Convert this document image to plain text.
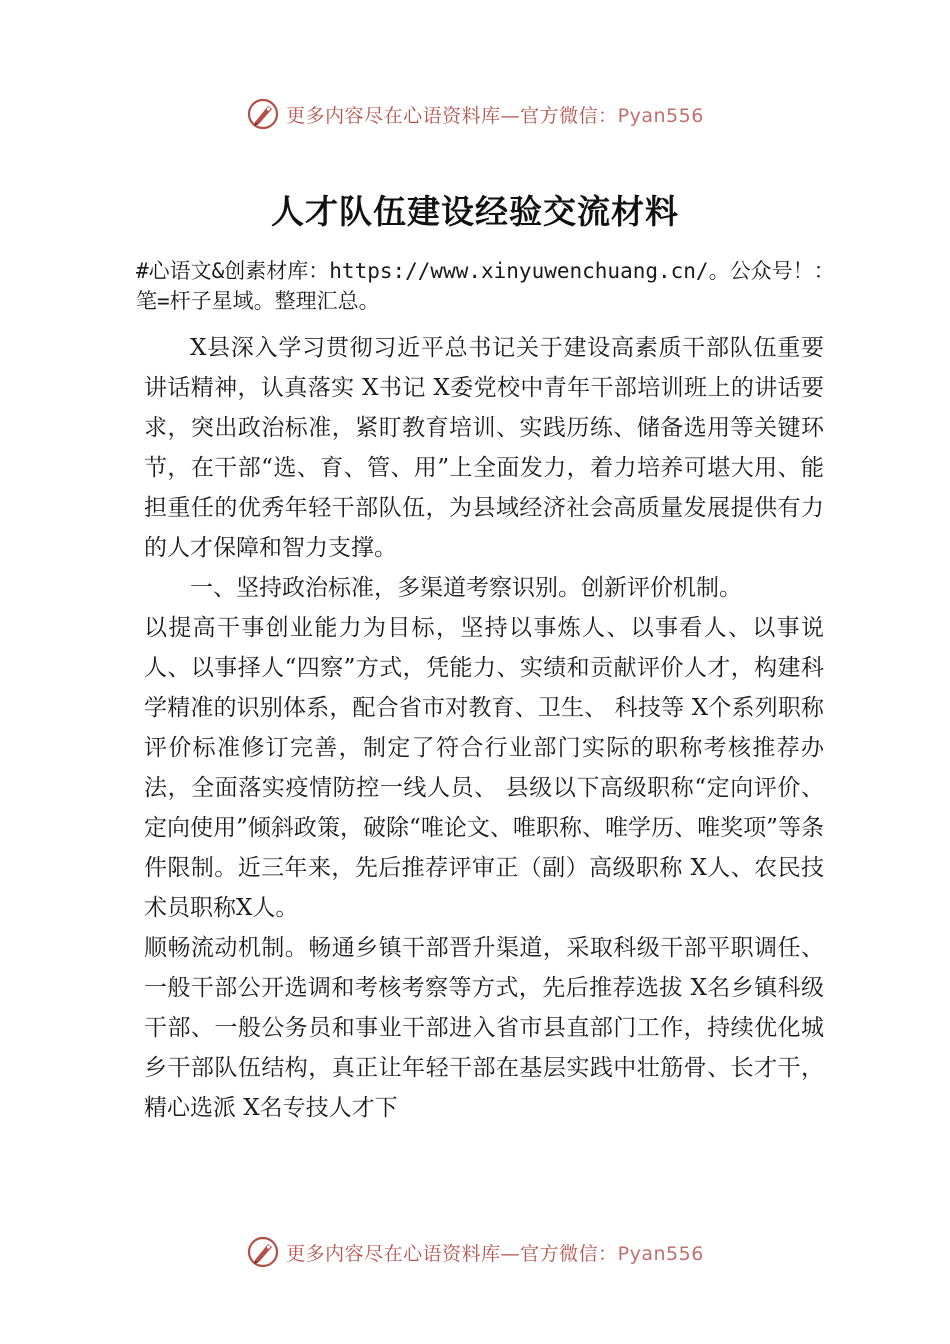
更多内容尽在心语资料库—官方微信：Pyan556
人才队伍建设经验交流材料
#心语文&创素材库：https://www.xinyuwenchuang.cn/。公众号！：笔=杆子星域。整理汇总。

X县深入学习贯彻习近平总书记关于建设高素质干部队伍重要讲话精神，认真落实 X书记 X委党校中青年干部培训班上的讲话要求，突出政治标准，紧盯教育培训、实践历练、储备选用等关键环节，在干部“选、育、管、用”上全面发力，着力培养可堪大用、能担重任的优秀年轻干部队伍，为县域经济社会高质量发展提供有力的人才保障和智力支撑。

一、坚持政治标准，多渠道考察识别。创新评价机制。

以提高干事创业能力为目标，坚持以事炼人、以事看人、以事说人、以事择人“四察”方式，凭能力、实绩和贡献评价人才，构建科学精准的识别体系，配合省市对教育、卫生、 科技等 X个系列职称评价标准修订完善，制定了符合行业部门实际的职称考核推荐办法，全面落实疫情防控一线人员、 县级以下高级职称“定向评价、定向使用”倾斜政策，破除“唯论文、唯职称、唯学历、唯奖项”等条件限制。近三年来，先后推荐评审正（副）高级职称 X人、农民技术员职称X人。

顺畅流动机制。畅通乡镇干部晋升渠道，采取科级干部平职调任、一般干部公开选调和考核考察等方式，先后推荐选拔 X名乡镇科级干部、一般公务员和事业干部进入省市县直部门工作，持续优化城乡干部队伍结构，真正让年轻干部在基层实践中壮筋骨、长才干，精心选派 X名专技人才下

更多内容尽在心语资料库—官方微信：Pyan556
